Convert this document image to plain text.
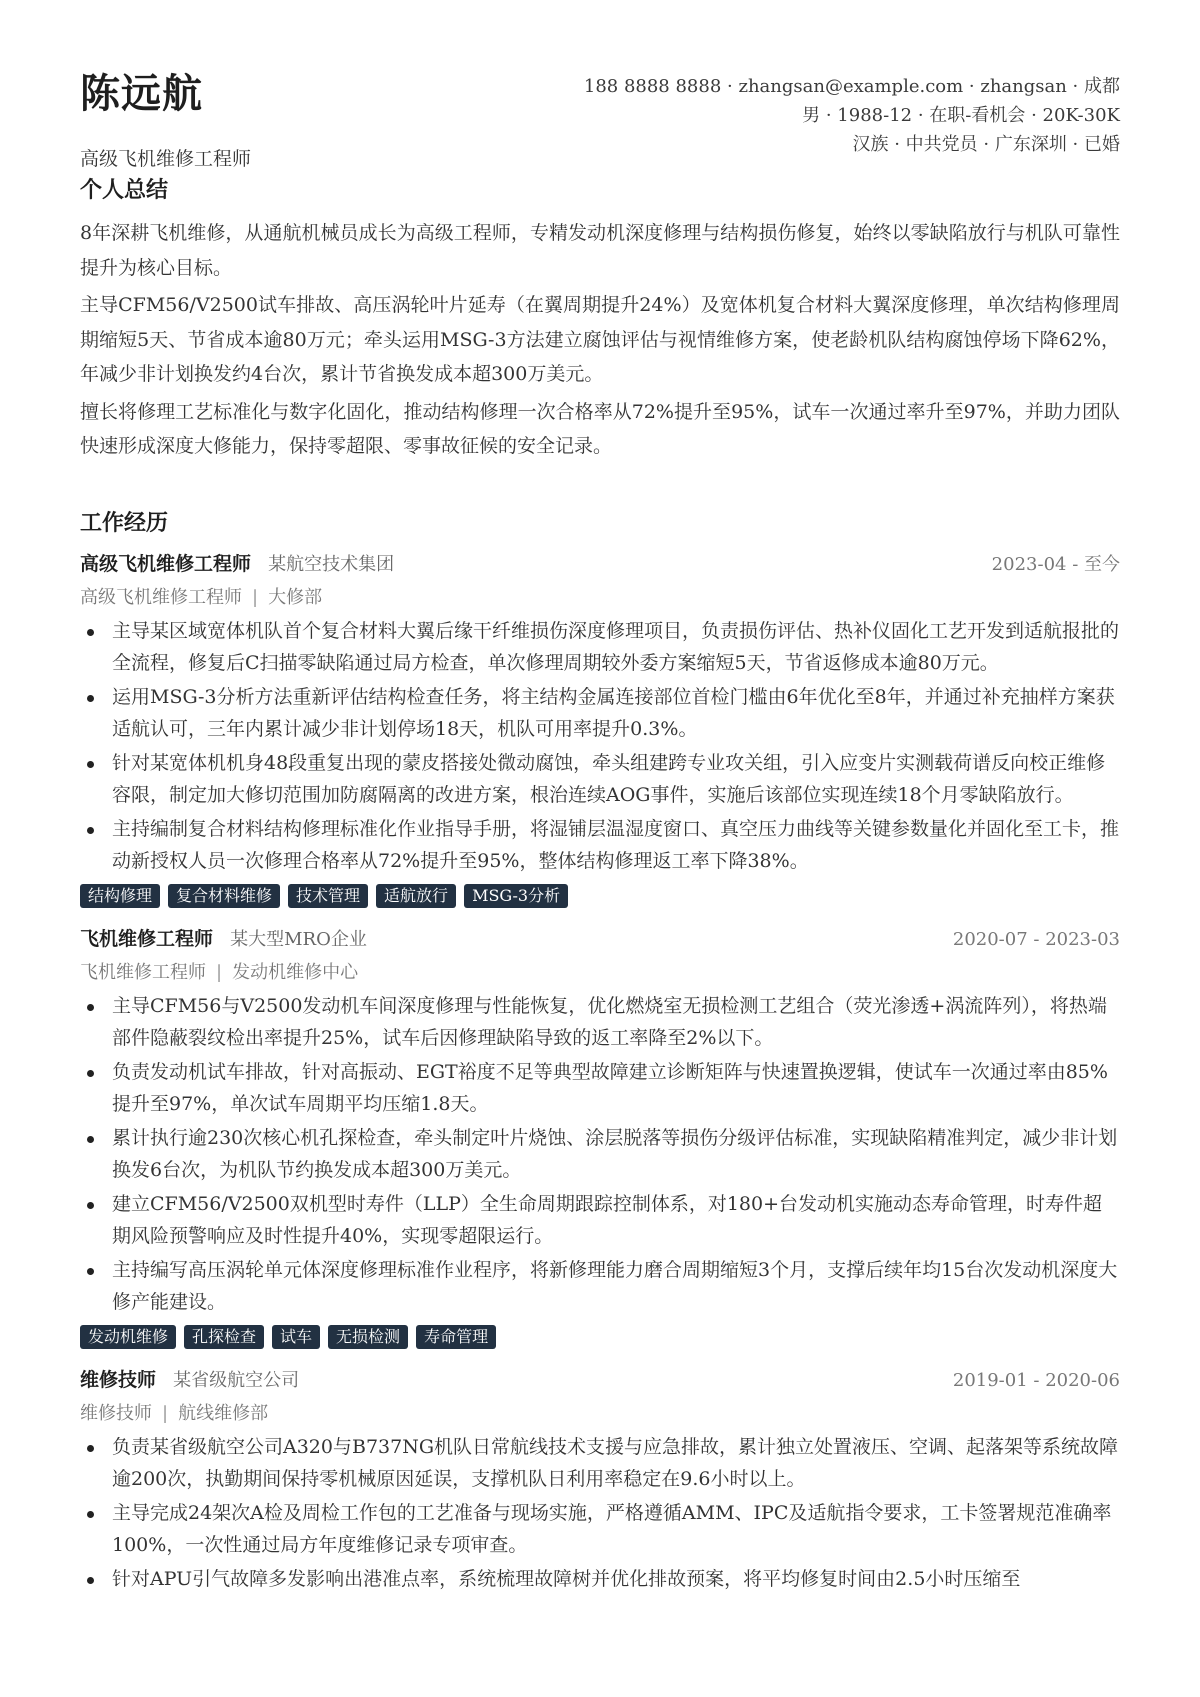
陈远航
高级飞机维修工程师
188 8888 8888 · zhangsan@example.com · zhangsan · 成都
男 · 1988-12 · 在职-看机会 · 20K-30K
汉族 · 中共党员 · 广东深圳 · 已婚
个人总结

8年深耕飞机维修，从通航机械员成长为高级工程师，专精发动机深度修理与结构损伤修复，始终以零缺陷放行与机队可靠性提升为核心目标。

主导CFM56/V2500试车排故、高压涡轮叶片延寿（在翼周期提升24%）及宽体机复合材料大翼深度修理，单次结构修理周期缩短5天、节省成本逾80万元；牵头运用MSG-3方法建立腐蚀评估与视情维修方案，使老龄机队结构腐蚀停场下降62%，年减少非计划换发约4台次，累计节省换发成本超300万美元。

擅长将修理工艺标准化与数字化固化，推动结构修理一次合格率从72%提升至95%，试车一次通过率升至97%，并助力团队快速形成深度大修能力，保持零超限、零事故征候的安全记录。

工作经历
高级飞机维修工程师 某航空技术集团	2023-04 - 至今
高级飞机维修工程师 | 大修部
主导某区域宽体机队首个复合材料大翼后缘干纤维损伤深度修理项目，负责损伤评估、热补仪固化工艺开发到适航报批的全流程，修复后C扫描零缺陷通过局方检查，单次修理周期较外委方案缩短5天，节省返修成本逾80万元。
运用MSG-3分析方法重新评估结构检查任务，将主结构金属连接部位首检门槛由6年优化至8年，并通过补充抽样方案获适航认可，三年内累计减少非计划停场18天，机队可用率提升0.3%。
针对某宽体机机身48段重复出现的蒙皮搭接处微动腐蚀，牵头组建跨专业攻关组，引入应变片实测载荷谱反向校正维修容限，制定加大修切范围加防腐隔离的改进方案，根治连续AOG事件，实施后该部位实现连续18个月零缺陷放行。
主持编制复合材料结构修理标准化作业指导手册，将湿铺层温湿度窗口、真空压力曲线等关键参数量化并固化至工卡，推动新授权人员一次修理合格率从72%提升至95%，整体结构修理返工率下降38%。
结构修理	复合材料维修	技术管理	适航放行	MSG-3分析
飞机维修工程师 某大型MRO企业	2020-07 - 2023-03
飞机维修工程师 | 发动机维修中心
主导CFM56与V2500发动机车间深度修理与性能恢复，优化燃烧室无损检测工艺组合（荧光渗透+涡流阵列），将热端部件隐蔽裂纹检出率提升25%，试车后因修理缺陷导致的返工率降至2%以下。
负责发动机试车排故，针对高振动、EGT裕度不足等典型故障建立诊断矩阵与快速置换逻辑，使试车一次通过率由85%提升至97%，单次试车周期平均压缩1.8天。
累计执行逾230次核心机孔探检查，牵头制定叶片烧蚀、涂层脱落等损伤分级评估标准，实现缺陷精准判定，减少非计划换发6台次，为机队节约换发成本超300万美元。
建立CFM56/V2500双机型时寿件（LLP）全生命周期跟踪控制体系，对180+台发动机实施动态寿命管理，时寿件超期风险预警响应及时性提升40%，实现零超限运行。
主持编写高压涡轮单元体深度修理标准作业程序，将新修理能力磨合周期缩短3个月，支撑后续年均15台次发动机深度大修产能建设。
发动机维修	孔探检查	试车	无损检测	寿命管理
维修技师 某省级航空公司	2019-01 - 2020-06
维修技师 | 航线维修部
负责某省级航空公司A320与B737NG机队日常航线技术支援与应急排故，累计独立处置液压、空调、起落架等系统故障逾200次，执勤期间保持零机械原因延误，支撑机队日利用率稳定在9.6小时以上。
主导完成24架次A检及周检工作包的工艺准备与现场实施，严格遵循AMM、IPC及适航指令要求，工卡签署规范准确率100%，一次性通过局方年度维修记录专项审查。
针对APU引气故障多发影响出港准点率，系统梳理故障树并优化排故预案，将平均修复时间由2.5小时压缩至
